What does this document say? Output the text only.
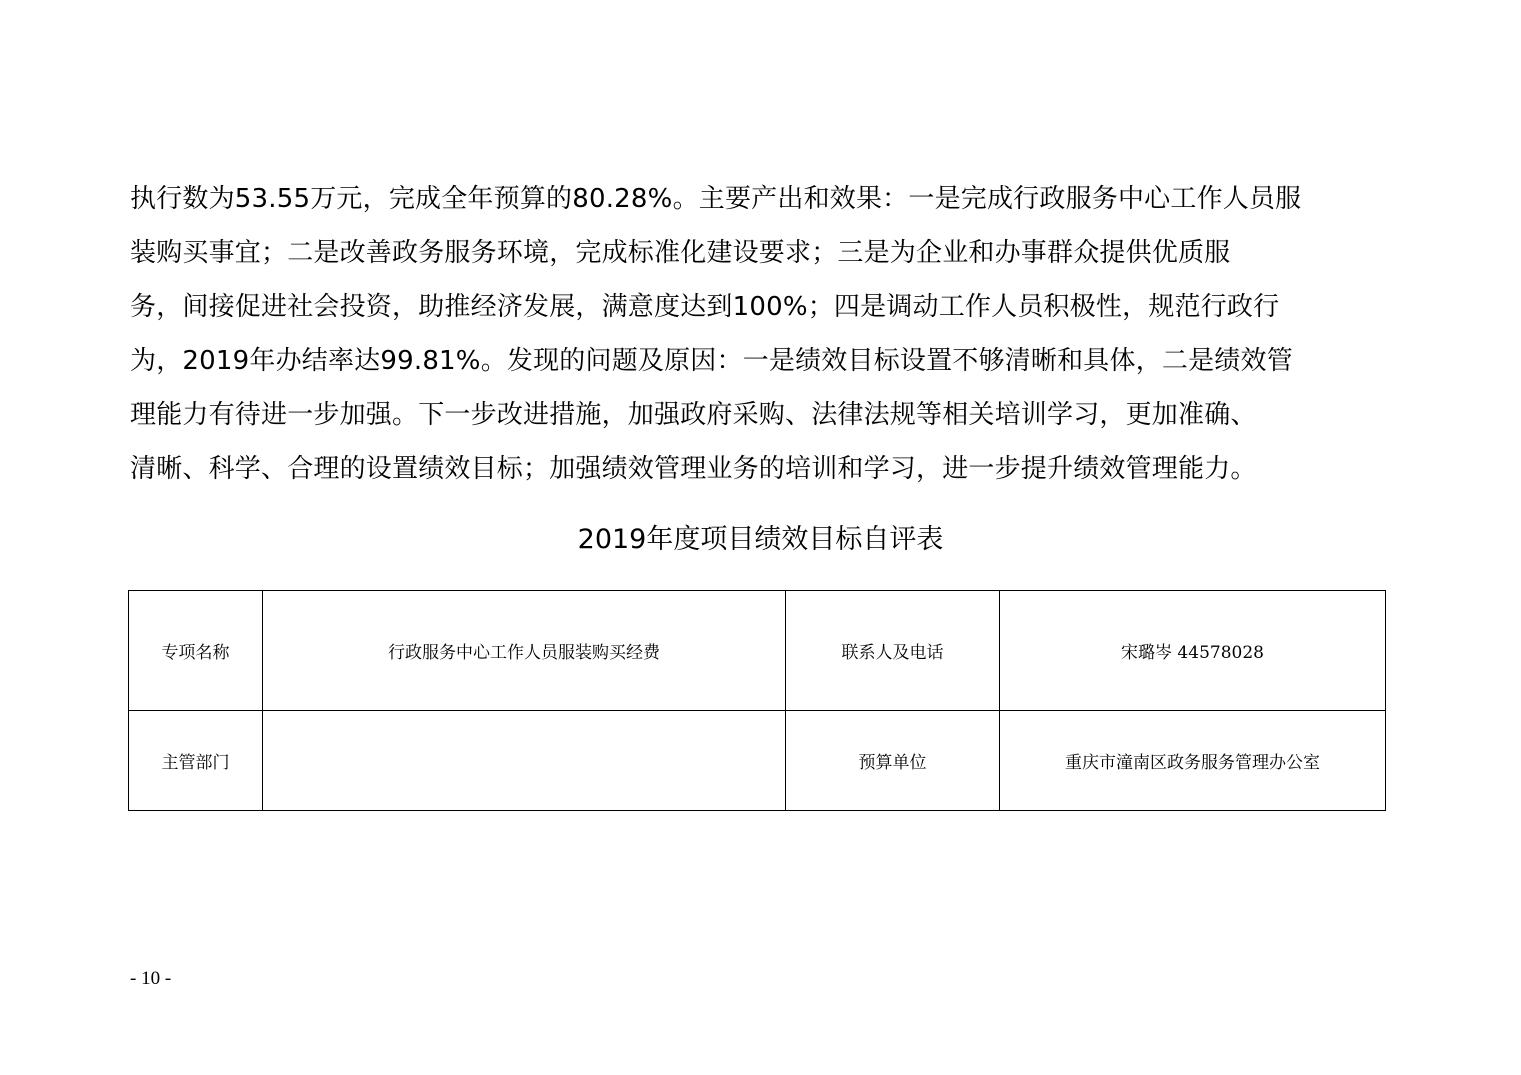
执行数为53.55万元，完成全年预算的80.28%。主要产出和效果：一是完成行政服务中心工作人员服
装购买事宜；二是改善政务服务环境，完成标准化建设要求；三是为企业和办事群众提供优质服
务，间接促进社会投资，助推经济发展，满意度达到100%；四是调动工作人员积极性，规范行政行
为，2019年办结率达99.81%。发现的问题及原因：一是绩效目标设置不够清晰和具体，二是绩效管
理能力有待进一步加强。下一步改进措施，加强政府采购、法律法规等相关培训学习，更加准确、
清晰、科学、合理的设置绩效目标；加强绩效管理业务的培训和学习，进一步提升绩效管理能力。
2019年度项目绩效目标自评表
专项名称	行政服务中心工作人员服装购买经费	联系人及电话	宋璐岑 44578028
主管部门		预算单位	重庆市潼南区政务服务管理办公室
- 10 -
